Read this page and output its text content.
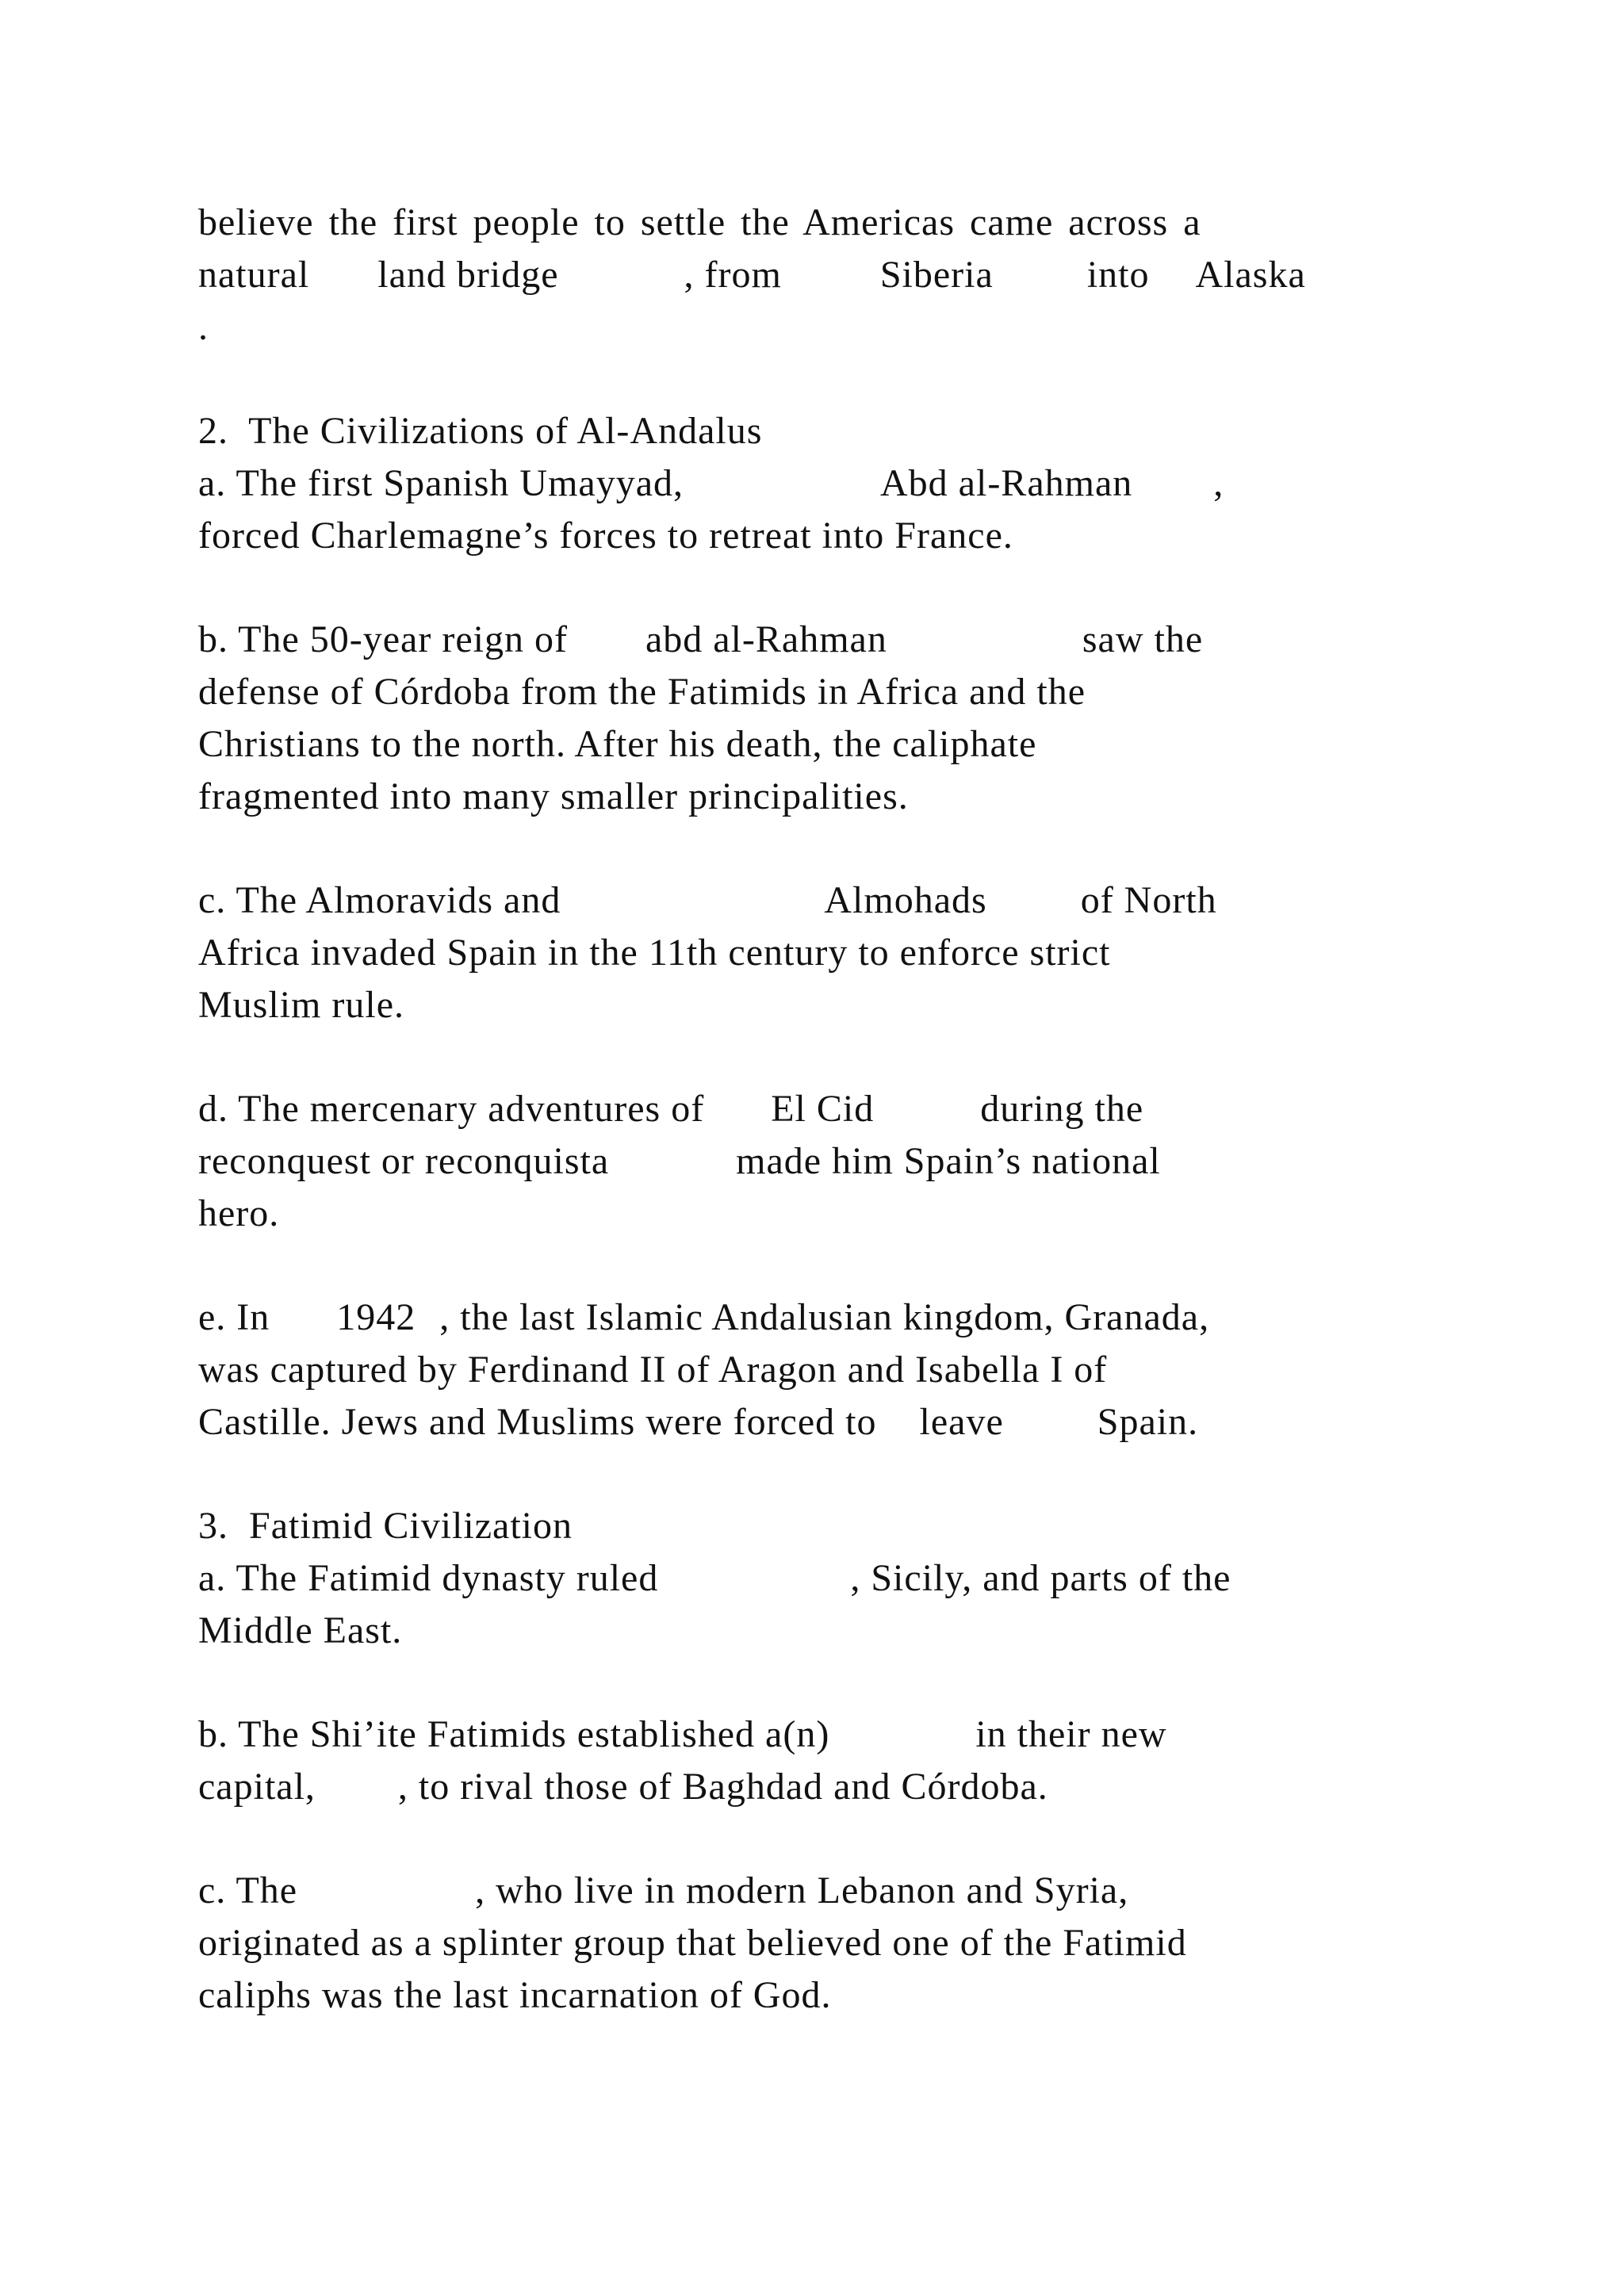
believe the first people to settle the Americas came across a
natural land bridge	, from	Siberia into Alaska
.
2.  The Civilizations of Al-Andalus
a. The first Spanish Umayyad,	Abd al-Rahman ,
forced Charlemagne’s forces to retreat into France.
b. The 50-year reign of abd al-Rahman	saw the
defense of Córdoba from the Fatimids in Africa and the
Christians to the north. After his death, the caliphate
fragmented into many smaller principalities.
c. The Almoravids and	Almohads of North
Africa invaded Spain in the 11th century to enforce strict
Muslim rule.
d. The mercenary adventures of El Cid	during the
reconquest or reconquista	made him Spain’s national
hero.
e. In 1942 , the last Islamic Andalusian kingdom, Granada,
was captured by Ferdinand II of Aragon and Isabella I of
Castille. Jews and Muslims were forced to leave Spain.
3.  Fatimid Civilization
a. The Fatimid dynasty ruled	, Sicily, and parts of the
Middle East.
b. The Shi’ite Fatimids established a(n)	in their new
capital, , to rival those of Baghdad and Córdoba.
c. The	, who live in modern Lebanon and Syria,
originated as a splinter group that believed one of the Fatimid
caliphs was the last incarnation of God.
